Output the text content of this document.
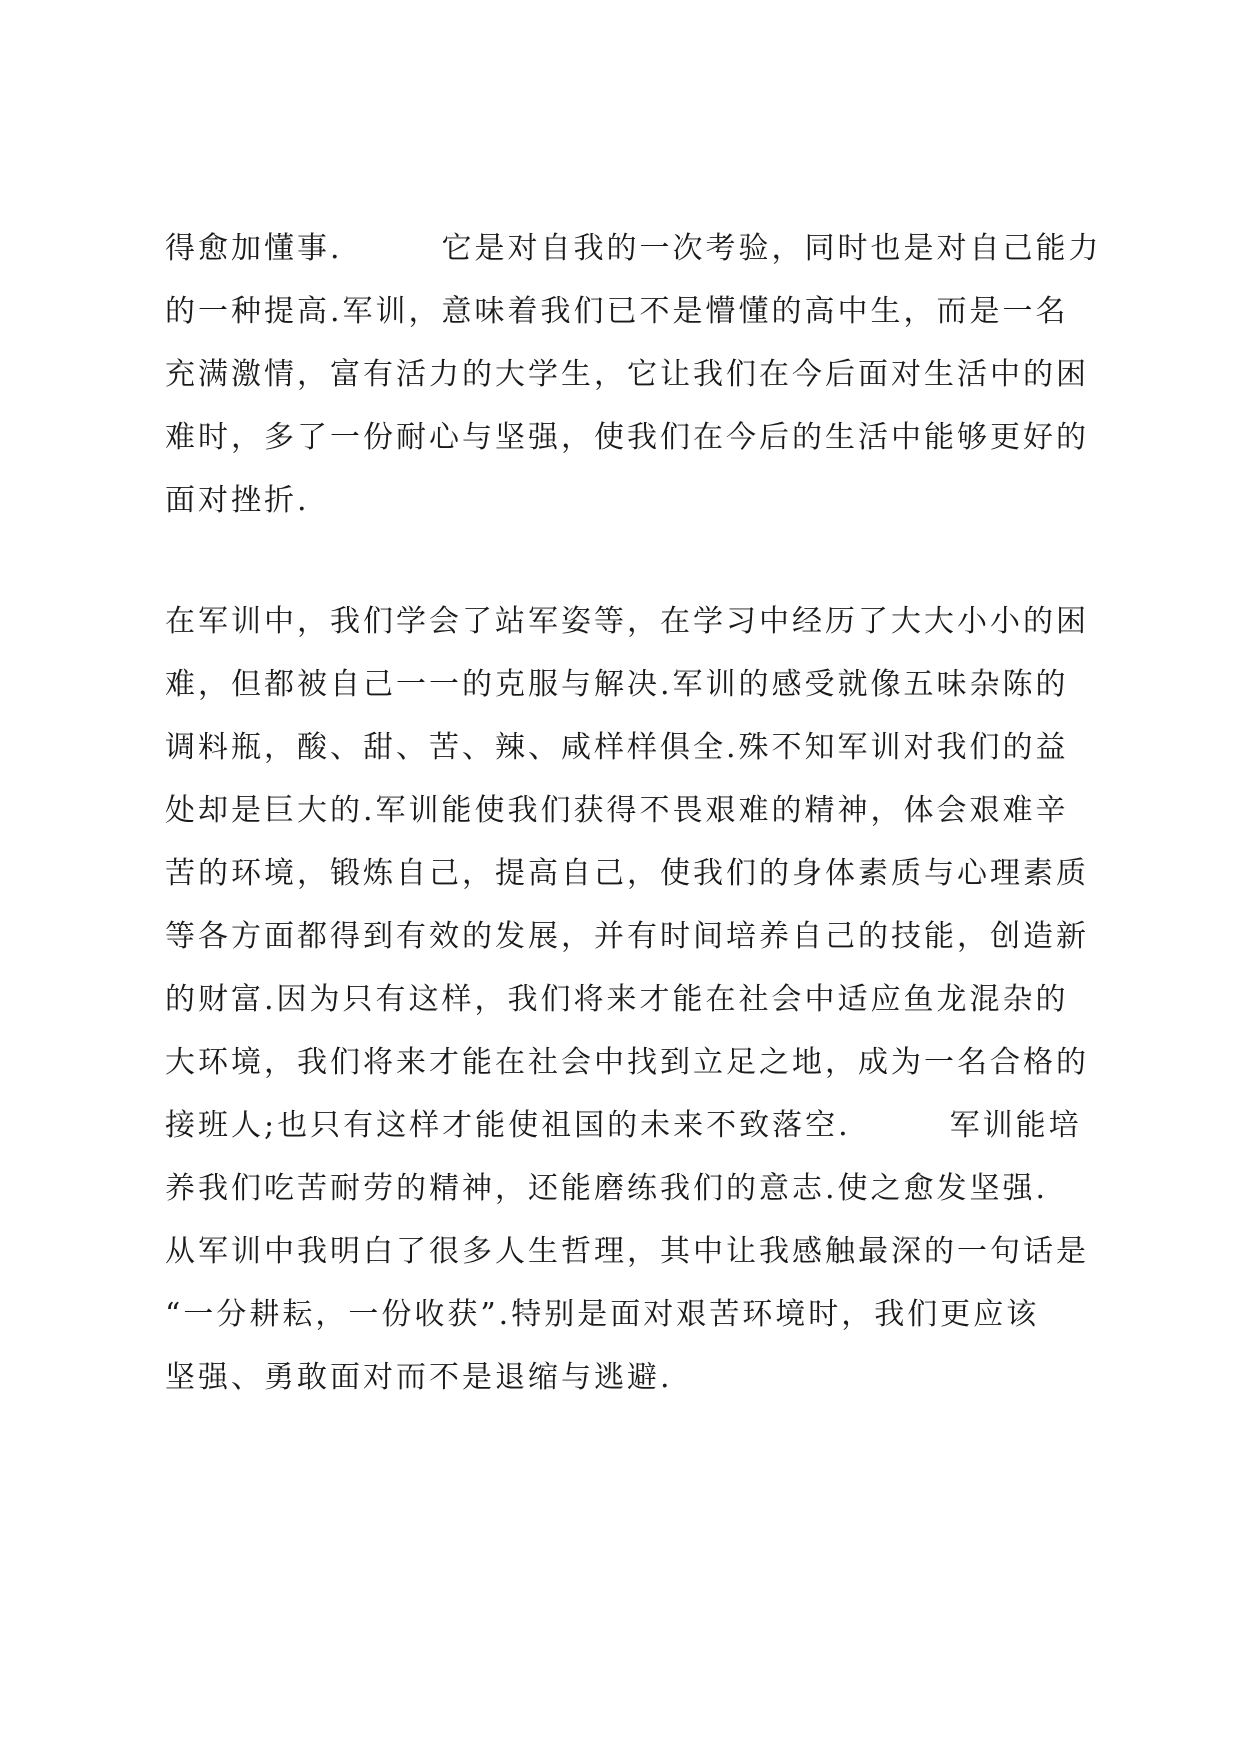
得愈加懂事.　　　它是对自我的一次考验，同时也是对自己能力
的一种提高.军训，意味着我们已不是懵懂的高中生，而是一名
充满激情，富有活力的大学生，它让我们在今后面对生活中的困
难时，多了一份耐心与坚强，使我们在今后的生活中能够更好的
面对挫折.
在军训中，我们学会了站军姿等，在学习中经历了大大小小的困
难，但都被自己一一的克服与解决.军训的感受就像五味杂陈的
调料瓶，酸、甜、苦、辣、咸样样俱全.殊不知军训对我们的益
处却是巨大的.军训能使我们获得不畏艰难的精神，体会艰难辛
苦的环境，锻炼自己，提高自己，使我们的身体素质与心理素质
等各方面都得到有效的发展，并有时间培养自己的技能，创造新
的财富.因为只有这样，我们将来才能在社会中适应鱼龙混杂的
大环境，我们将来才能在社会中找到立足之地，成为一名合格的
接班人;也只有这样才能使祖国的未来不致落空.　　　军训能培
养我们吃苦耐劳的精神，还能磨练我们的意志.使之愈发坚强.
从军训中我明白了很多人生哲理，其中让我感触最深的一句话是
“一分耕耘，一份收获”.特别是面对艰苦环境时，我们更应该
坚强、勇敢面对而不是退缩与逃避.
